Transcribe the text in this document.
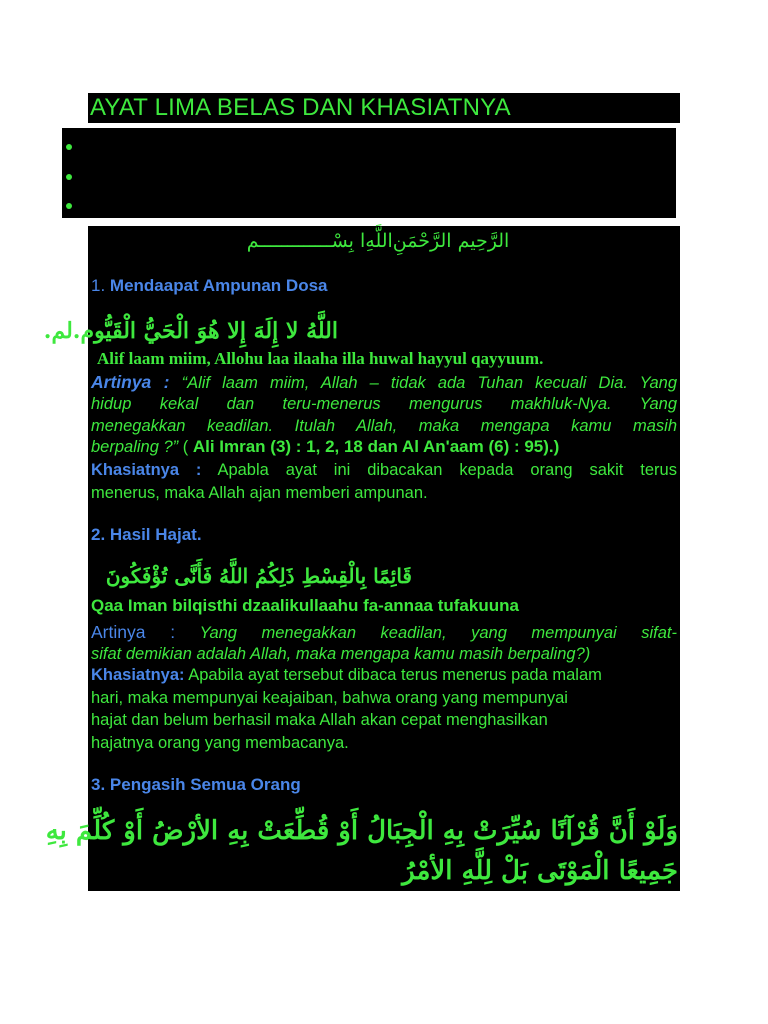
AYAT LIMA BELAS DAN KHASIATNYA
ﺍﻟﺮَّﺣِﻴﻢ ﺍﻟﺮَّﺣْﻤَﻦِﺍﻟﻠَّﻪِﺍ ﺑِﺴْـــــــــــــﻢ
1. Mendaapat Ampunan Dosa
ﺍﻟﻠَّﻪُ ﻻ ﺇِﻟَﻪَ ﺇِﻻ ﻫُﻮَ ﺍﻟْﺤَﻲُّ ﺍﻟْﻘَﻴُّﻮﻡ.ﻟﻢ.
Alif laam miim, Allohu laa ilaaha illa huwal hayyul qayyuum.
Artinya : “Alif laam miim, Allah – tidak ada Tuhan kecuali Dia. Yang
hidup kekal dan teru-menerus mengurus makhluk-Nya. Yang
menegakkan keadilan. Itulah Allah, maka mengapa kamu masih
berpaling ?” ( Ali Imran (3) : 1, 2, 18 dan Al An'aam (6) : 95).)
Khasiatnya : Apabla ayat ini dibacakan kepada orang sakit terus
menerus, maka Allah ajan memberi ampunan.
2. Hasil Hajat.
ﻗَﺎﺋِﻤًﺎ ﺑِﺎﻟْﻘِﺴْﻂِ ﺫَﻟِﻜُﻢُ ﺍﻟﻠَّﻪُ ﻓَﺄَﻧَّﻰ ﺗُﺆْﻓَﻜُﻮﻥَ
Qaa Iman bilqisthi dzaalikullaahu fa-annaa tufakuuna
Artinya : Yang menegakkan keadilan, yang mempunyai sifat-
sifat demikian adalah Allah, maka mengapa kamu masih berpaling?)
Khasiatnya: Apabila ayat tersebut dibaca terus menerus pada malam
hari, maka mempunyai keajaiban, bahwa orang yang mempunyai
hajat dan belum berhasil maka Allah akan cepat menghasilkan
hajatnya orang yang membacanya.
3. Pengasih Semua Orang
ﻭَﻟَﻮْ ﺃَﻥَّ ﻗُﺮْﺁﻧًﺎ ﺳُﻴِّﺮَﺕْ ﺑِﻪِ ﺍﻟْﺠِﺒَﺎﻝُ ﺃَﻭْ ﻗُﻄِّﻌَﺖْ ﺑِﻪِ ﺍﻷﺭْﺽُ ﺃَﻭْ ﻛُﻠِّﻢَ ﺑِﻪِ
ﺟَﻤِﻴﻌًﺎ ﺍﻟْﻤَﻮْﺗَﻰ ﺑَﻞْ ﻟِﻠَّﻪِ ﺍﻷﻣْﺮُ
